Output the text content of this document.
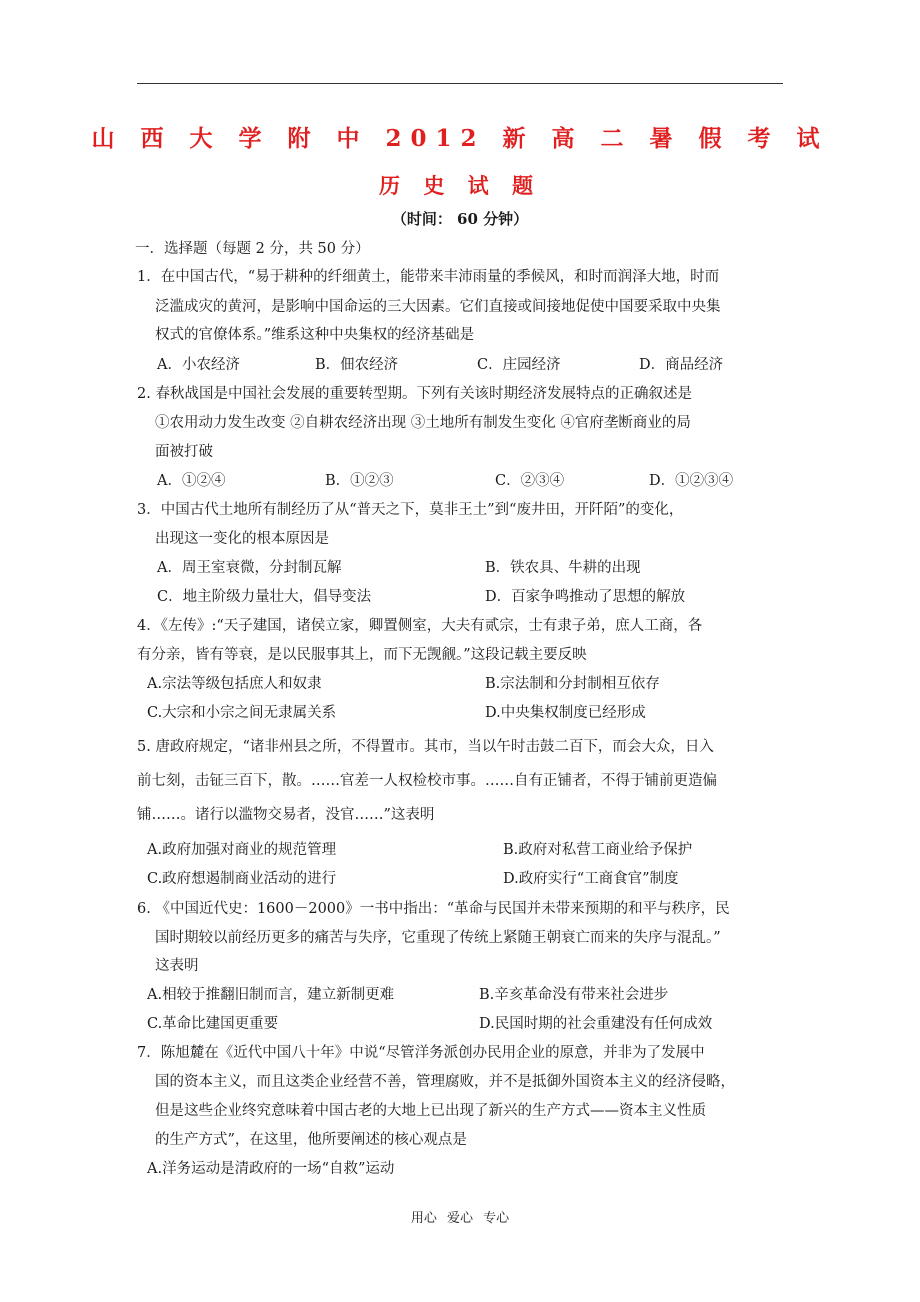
山 西 大 学 附 中 2012 新 高 二 暑 假 考 试
历 史 试 题
（时间： 60 分钟）
一．选择题（每题 2 分，共 50 分）
1．在中国古代，“易于耕种的纤细黄土，能带来丰沛雨量的季候风，和时而润泽大地，时而
泛滥成灾的黄河，是影响中国命运的三大因素。它们直接或间接地促使中国要采取中央集
权式的官僚体系。”维系这种中央集权的经济基础是
A．小农经济	B．佃农经济	C．庄园经济	D．商品经济
2. 春秋战国是中国社会发展的重要转型期。下列有关该时期经济发展特点的正确叙述是
①农用动力发生改变 ②自耕农经济出现 ③土地所有制发生变化 ④官府垄断商业的局
面被打破
A．①②④	B．①②③	C．②③④	D．①②③④
3．中国古代土地所有制经历了从“普天之下，莫非王土”到“废井田，开阡陌”的变化，
出现这一变化的根本原因是
A．周王室衰微，分封制瓦解	B．铁农具、牛耕的出现
C．地主阶级力量壮大，倡导变法	D．百家争鸣推动了思想的解放
4．《左传》:“天子建国，诸侯立家，卿置侧室，大夫有贰宗，士有隶子弟，庶人工商，各
有分亲，皆有等衰，是以民服事其上，而下无觊觎。”这段记载主要反映
A.宗法等级包括庶人和奴隶	B.宗法制和分封制相互依存
C.大宗和小宗之间无隶属关系	D.中央集权制度已经形成
5. 唐政府规定，“诸非州县之所，不得置市。其市，当以午时击鼓二百下，而会大众，日入
前七刻，击钲三百下，散。……官差一人权检校市事。……自有正铺者，不得于铺前更造偏
铺……。诸行以滥物交易者，没官……”这表明
A.政府加强对商业的规范管理	B.政府对私营工商业给予保护
C.政府想遏制商业活动的进行	D.政府实行“工商食官”制度
6. 《中国近代史：1600－2000》一书中指出：“革命与民国并未带来预期的和平与秩序，民
国时期较以前经历更多的痛苦与失序，它重现了传统上紧随王朝衰亡而来的失序与混乱。”
这表明
A.相较于推翻旧制而言，建立新制更难	B.辛亥革命没有带来社会进步
C.革命比建国更重要	D.民国时期的社会重建没有任何成效
7．陈旭麓在《近代中国八十年》中说“尽管洋务派创办民用企业的原意，并非为了发展中
国的资本主义，而且这类企业经营不善，管理腐败，并不是抵御外国资本主义的经济侵略，
但是这些企业终究意味着中国古老的大地上已出现了新兴的生产方式——资本主义性质
的生产方式”，在这里，他所要阐述的核心观点是
A.洋务运动是清政府的一场“自救”运动
用心 爱心 专心
